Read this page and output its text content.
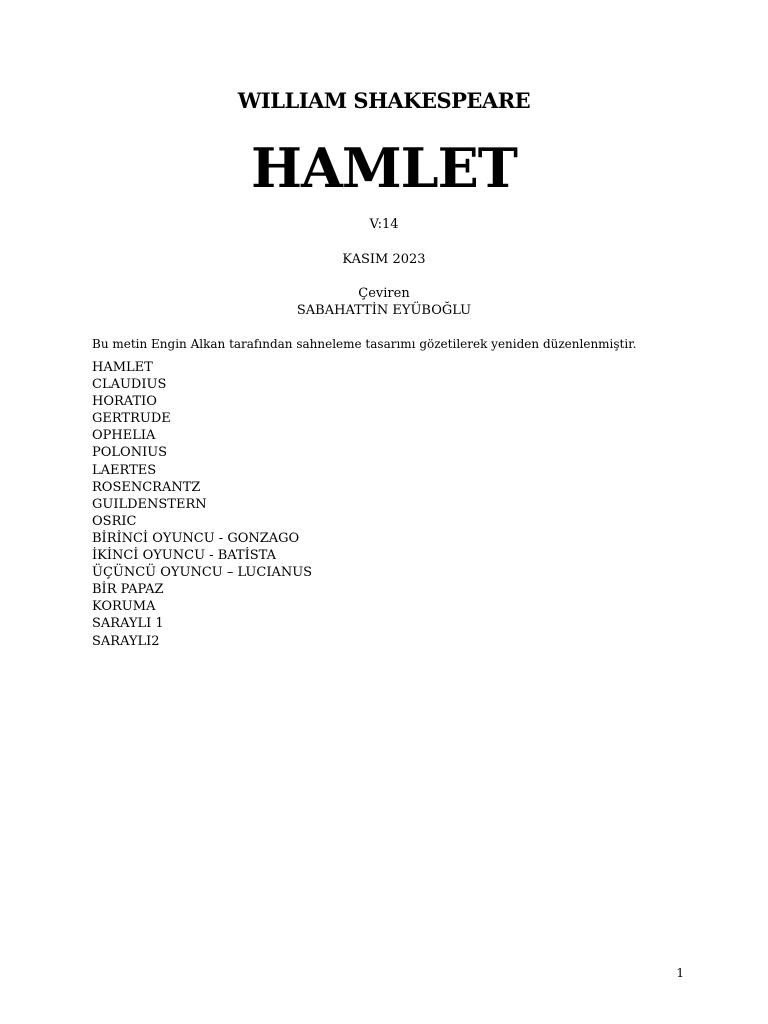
WILLIAM SHAKESPEARE
HAMLET
V:14
KASIM 2023
Çeviren
SABAHATTİN EYÜBOĞLU
Bu metin Engin Alkan tarafından sahneleme tasarımı gözetilerek yeniden düzenlenmiştir.
HAMLET
CLAUDIUS
HORATIO
GERTRUDE
OPHELIA
POLONIUS
LAERTES
ROSENCRANTZ
GUILDENSTERN
OSRIC
BİRİNCİ OYUNCU - GONZAGO
İKİNCİ OYUNCU - BATİSTA
ÜÇÜNCÜ OYUNCU – LUCIANUS
BİR PAPAZ
KORUMA
SARAYLI 1
SARAYLI2
1
